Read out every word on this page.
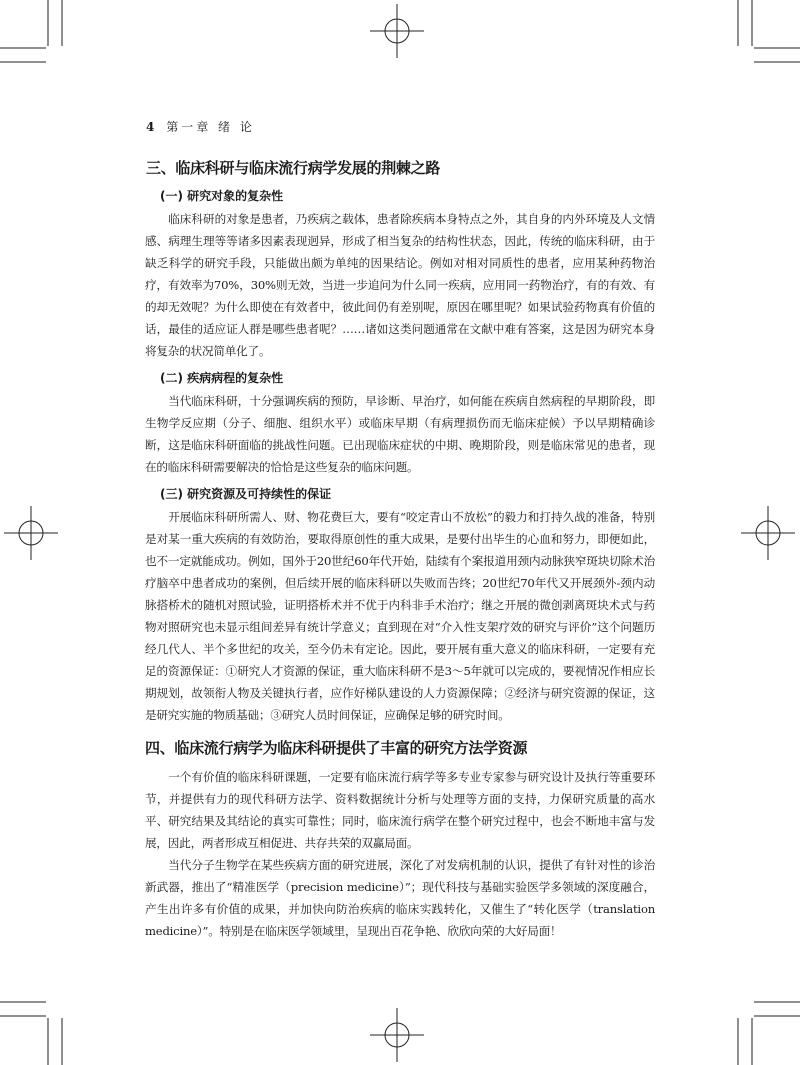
4 第一章 绪 论
三、临床科研与临床流行病学发展的荆棘之路
(一) 研究对象的复杂性

临床科研的对象是患者，乃疾病之载体，患者除疾病本身特点之外，其自身的内外环境及人文情感、病理生理等等诸多因素表现迥异，形成了相当复杂的结构性状态，因此，传统的临床科研，由于缺乏科学的研究手段，只能做出颇为单纯的因果结论。例如对相对同质性的患者，应用某种药物治疗，有效率为70%，30%则无效，当进一步追问为什么同一疾病，应用同一药物治疗，有的有效、有的却无效呢？为什么即使在有效者中，彼此间仍有差别呢，原因在哪里呢？如果试验药物真有价值的话，最佳的适应证人群是哪些患者呢？……诸如这类问题通常在文献中难有答案，这是因为研究本身将复杂的状况简单化了。

(二) 疾病病程的复杂性

当代临床科研，十分强调疾病的预防，早诊断、早治疗，如何能在疾病自然病程的早期阶段，即生物学反应期（分子、细胞、组织水平）或临床早期（有病理损伤而无临床症候）予以早期精确诊断，这是临床科研面临的挑战性问题。已出现临床症状的中期、晚期阶段，则是临床常见的患者，现在的临床科研需要解决的恰恰是这些复杂的临床问题。

(三) 研究资源及可持续性的保证

开展临床科研所需人、财、物花费巨大，要有“咬定青山不放松”的毅力和打持久战的准备，特别是对某一重大疾病的有效防治，要取得原创性的重大成果，是要付出毕生的心血和努力，即便如此，也不一定就能成功。例如，国外于20世纪60年代开始，陆续有个案报道用颈内动脉狭窄斑块切除术治疗脑卒中患者成功的案例，但后续开展的临床科研以失败而告终；20世纪70年代又开展颈外-颈内动脉搭桥术的随机对照试验，证明搭桥术并不优于内科非手术治疗；继之开展的微创剥离斑块术式与药物对照研究也未显示组间差异有统计学意义；直到现在对“介入性支架疗效的研究与评价”这个问题历经几代人、半个多世纪的攻关，至今仍未有定论。因此，要开展有重大意义的临床科研，一定要有充足的资源保证：①研究人才资源的保证，重大临床科研不是3～5年就可以完成的，要视情况作相应长期规划，故领衔人物及关键执行者，应作好梯队建设的人力资源保障；②经济与研究资源的保证，这是研究实施的物质基础；③研究人员时间保证，应确保足够的研究时间。

四、临床流行病学为临床科研提供了丰富的研究方法学资源

一个有价值的临床科研课题，一定要有临床流行病学等多专业专家参与研究设计及执行等重要环节，并提供有力的现代科研方法学、资料数据统计分析与处理等方面的支持，力保研究质量的高水平、研究结果及其结论的真实可靠性；同时，临床流行病学在整个研究过程中，也会不断地丰富与发展，因此，两者形成互相促进、共存共荣的双赢局面。

当代分子生物学在某些疾病方面的研究进展，深化了对发病机制的认识，提供了有针对性的诊治新武器，推出了“精准医学（precision medicine）”；现代科技与基础实验医学多领域的深度融合，产生出许多有价值的成果，并加快向防治疾病的临床实践转化，又催生了“转化医学（translation medicine）”。特别是在临床医学领域里，呈现出百花争艳、欣欣向荣的大好局面！
